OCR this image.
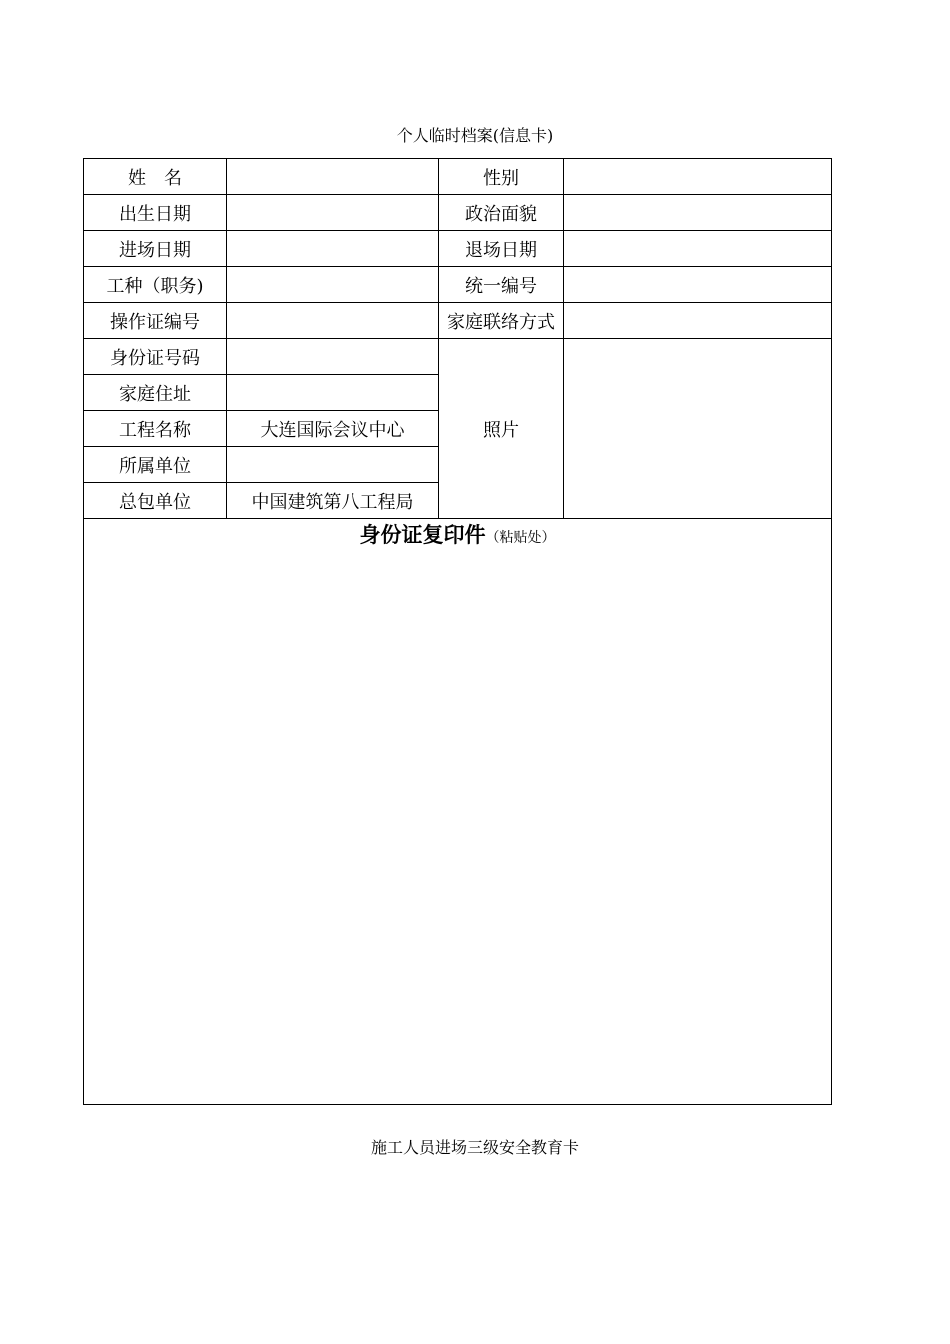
个人临时档案(信息卡)
姓　名		性别	
出生日期		政治面貌	
进场日期		退场日期	
工种（职务)		统一编号	
操作证编号		家庭联络方式	
身份证号码		照片	
家庭住址			
工程名称	大连国际会议中心		
所属单位			
总包单位	中国建筑第八工程局		
身份证复印件（粘贴处）			
施工人员进场三级安全教育卡
